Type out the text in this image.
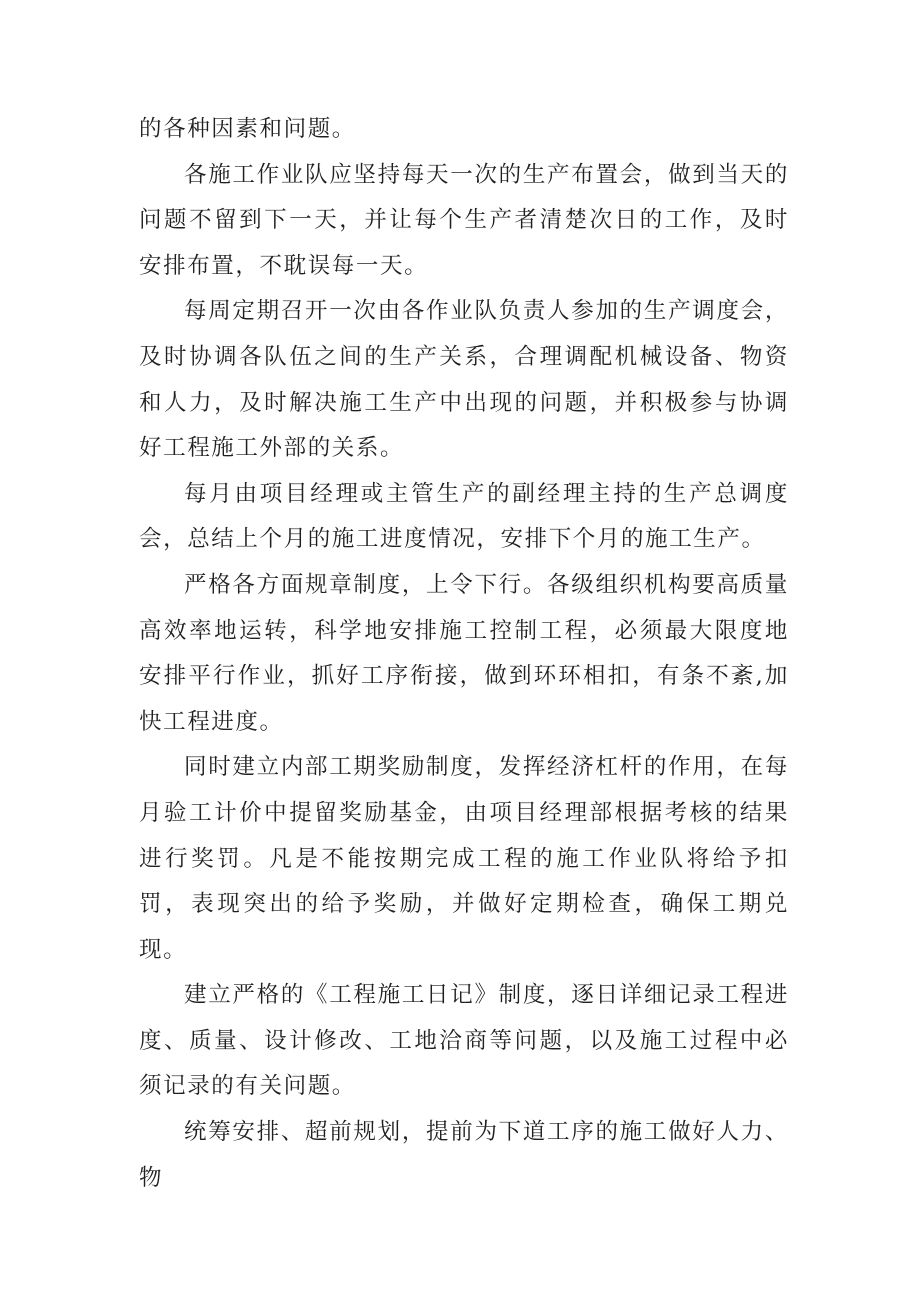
的各种因素和问题。

各施工作业队应坚持每天一次的生产布置会，做到当天的问题不留到下一天，并让每个生产者清楚次日的工作，及时安排布置，不耽误每一天。

每周定期召开一次由各作业队负责人参加的生产调度会，及时协调各队伍之间的生产关系，合理调配机械设备、物资和人力，及时解决施工生产中出现的问题，并积极参与协调好工程施工外部的关系。

每月由项目经理或主管生产的副经理主持的生产总调度会，总结上个月的施工进度情况，安排下个月的施工生产。

严格各方面规章制度，上令下行。各级组织机构要高质量高效率地运转，科学地安排施工控制工程，必须最大限度地安排平行作业，抓好工序衔接，做到环环相扣，有条不紊,加快工程进度。

同时建立内部工期奖励制度，发挥经济杠杆的作用，在每月验工计价中提留奖励基金，由项目经理部根据考核的结果进行奖罚。凡是不能按期完成工程的施工作业队将给予扣罚，表现突出的给予奖励，并做好定期检查，确保工期兑现。

建立严格的《工程施工日记》制度，逐日详细记录工程进度、质量、设计修改、工地洽商等问题，以及施工过程中必须记录的有关问题。

统筹安排、超前规划，提前为下道工序的施工做好人力、物
